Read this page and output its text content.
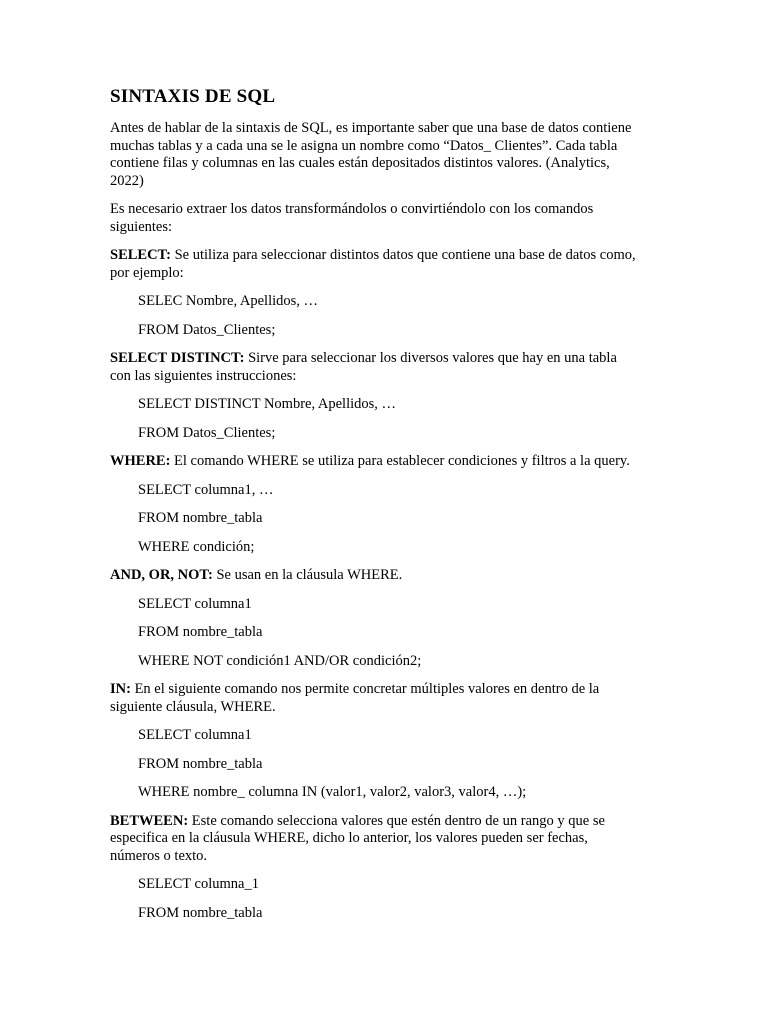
SINTAXIS DE SQL

Antes de hablar de la sintaxis de SQL, es importante saber que una base de datos contiene muchas tablas y a cada una se le asigna un nombre como “Datos_ Clientes”. Cada tabla contiene filas y columnas en las cuales están depositados distintos valores. (Analytics, 2022)

Es necesario extraer los datos transformándolos o convirtiéndolo con los comandos siguientes:

SELECT: Se utiliza para seleccionar distintos datos que contiene una base de datos como, por ejemplo:

SELEC Nombre, Apellidos, …
FROM Datos_Clientes;

SELECT DISTINCT: Sirve para seleccionar los diversos valores que hay en una tabla con las siguientes instrucciones:

SELECT DISTINCT Nombre, Apellidos, …
FROM Datos_Clientes;

WHERE: El comando WHERE se utiliza para establecer condiciones y filtros a la query.

SELECT columna1, …
FROM nombre_tabla
WHERE condición;

AND, OR, NOT: Se usan en la cláusula WHERE.

SELECT columna1
FROM nombre_tabla
WHERE NOT condición1 AND/OR condición2;

IN: En el siguiente comando nos permite concretar múltiples valores en dentro de la siguiente cláusula, WHERE.

SELECT columna1
FROM nombre_tabla
WHERE nombre_ columna IN (valor1, valor2, valor3, valor4, …);

BETWEEN: Este comando selecciona valores que estén dentro de un rango y que se especifica en la cláusula WHERE, dicho lo anterior, los valores pueden ser fechas, números o texto.

SELECT columna_1
FROM nombre_tabla
